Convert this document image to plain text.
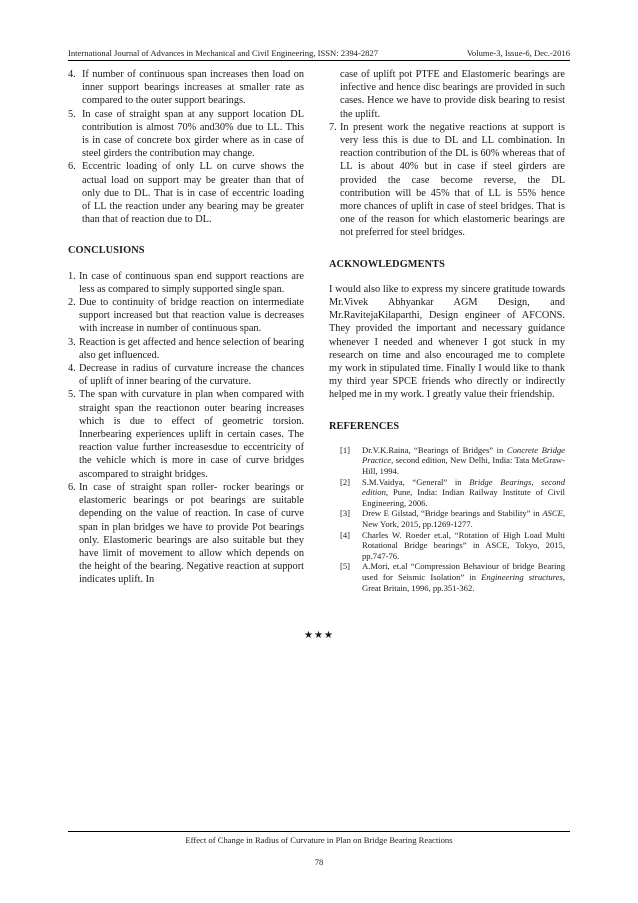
International Journal of Advances in Mechanical and Civil Engineering, ISSN: 2394-2827	Volume-3, Issue-6, Dec.-2016
4. If number of continuous span increases then load on inner support bearings increases at smaller rate as compared to the outer support bearings.
5. In case of straight span at any support location DL contribution is almost 70% and30% due to LL. This is in case of concrete box girder where as in case of steel girders the contribution may change.
6. Eccentric loading of only LL on curve shows the actual load on support may be greater than that of only due to DL. That is in case of eccentric loading of LL the reaction under any bearing may be greater than that of reaction due to DL.
CONCLUSIONS
1. In case of continuous span end support reactions are less as compared to simply supported single span.
2. Due to continuity of bridge reaction on intermediate support increased but that reaction value is decreases with increase in number of continuous span.
3. Reaction is get affected and hence selection of bearing also get influenced.
4. Decrease in radius of curvature increase the chances of uplift of inner bearing of the curvature.
5. The span with curvature in plan when compared with straight span the reactionon outer bearing increases which is due to effect of geometric torsion. Innerbearing experiences uplift in certain cases. The reaction value further increasesdue to eccentricity of the vehicle which is more in case of curve bridges ascompared to straight bridges.
6. In case of straight span roller- rocker bearings or elastomeric bearings or pot bearings are suitable depending on the value of reaction. In case of curve span in plan bridges we have to provide Pot bearings only. Elastomeric bearings are also suitable but they have limit of movement to allow which depends on the height of the bearing. Negative reaction at support indicates uplift. In
case of uplift pot PTFE and Elastomeric bearings are infective and hence disc bearings are provided in such cases. Hence we have to provide disk bearing to resist the uplift.
7. In present work the negative reactions at support is very less this is due to DL and LL combination. In reaction contribution of the DL is 60% whereas that of LL is about 40% but in case if steel girders are provided the case become reverse, the DL contribution will be 45% that of LL is 55% hence more chances of uplift in case of steel bridges. That is one of the reason for which elastomeric bearings are not preferred for steel bridges.
ACKNOWLEDGMENTS

I would also like to express my sincere gratitude towards Mr.Vivek Abhyankar AGM Design, and Mr.RavitejaKilaparthi, Design engineer of AFCONS. They provided the important and necessary guidance whenever I needed and whenever I got stuck in my research on time and also encouraged me to complete my work in stipulated time. Finally I would like to thank my third year SPCE friends who directly or indirectly helped me in my work. I greatly value their friendship.

REFERENCES
[1]	Dr.V.K.Raina, “Bearings of Bridges” in Concrete Bridge Practice, second edition, New Delhi, India: Tata McGraw-Hill, 1994.
[2]	S.M.Vaidya, “General” in Bridge Bearings, second edition, Pune, India: Indian Railway Institute of Civil Engineering, 2006.
[3]	Drew E Gilstad, “Bridge bearings and Stability” in ASCE, New York, 2015, pp.1269-1277.
[4]	Charles W. Roeder et.al, “Rotation of High Load Multi Rotational Bridge bearings” in ASCE, Tokyo, 2015, pp.747-76.
[5]	A.Mori, et.al “Compression Behaviour of bridge Bearing used for Seismic Isolation” in Engineering structures, Great Britain, 1996, pp.351-362.
★★★
Effect of Change in Radius of Curvature in Plan on Bridge Bearing Reactions
78
